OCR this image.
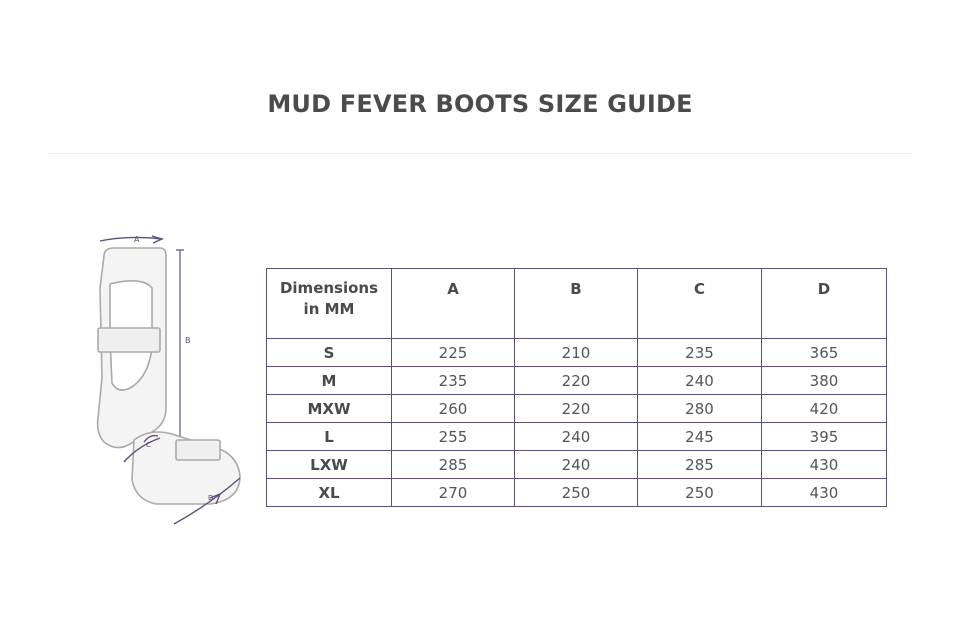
MUD FEVER BOOTS SIZE GUIDE
A
B
C
D
Dimensions
in MM	A	B	C	D
S	225	210	235	365
M	235	220	240	380
MXW	260	220	280	420
L	255	240	245	395
LXW	285	240	285	430
XL	270	250	250	430
